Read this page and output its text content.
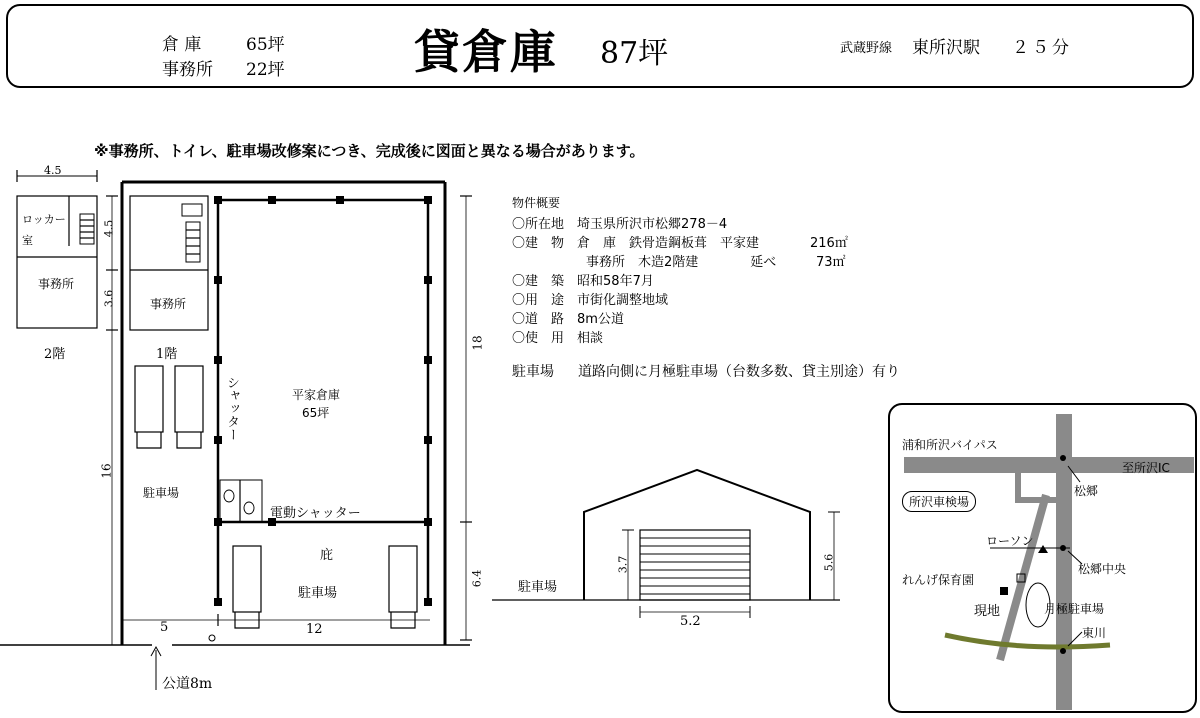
倉 庫	65坪
事務所 22坪	貸倉庫 87坪	武蔵野線 東所沢駅 ２５分
※事務所、トイレ、駐車場改修案につき、完成後に図面と異なる場合があります。
4.5
ロッカー
室
事務所
2階
事務所
1階
4.5
3.6
16
18
6.4
5	12
シャッター	平家倉庫
65坪
駐車場
電動シャッター
庇
駐車場
公道8m
物件概要
〇所在地　 埼玉県所沢市松郷278－4
〇建　物　 倉　庫　鉄骨造鋼板葺　平家建	216㎡
事務所　木造2階建　　　　延べ	73㎡
〇建　築　 昭和58年7月
〇用　途　 市街化調整地域
〇道　路　 8m公道
〇使　用　 相談
駐車場 道路向側に月極駐車場（台数多数、貸主別途）有り
駐車場
3.7	5.6
5.2
浦和所沢バイパス
至所沢IC
松郷
所沢車検場
ローソン
松郷中央
れんげ保育園
現地	月極駐車場
東川
